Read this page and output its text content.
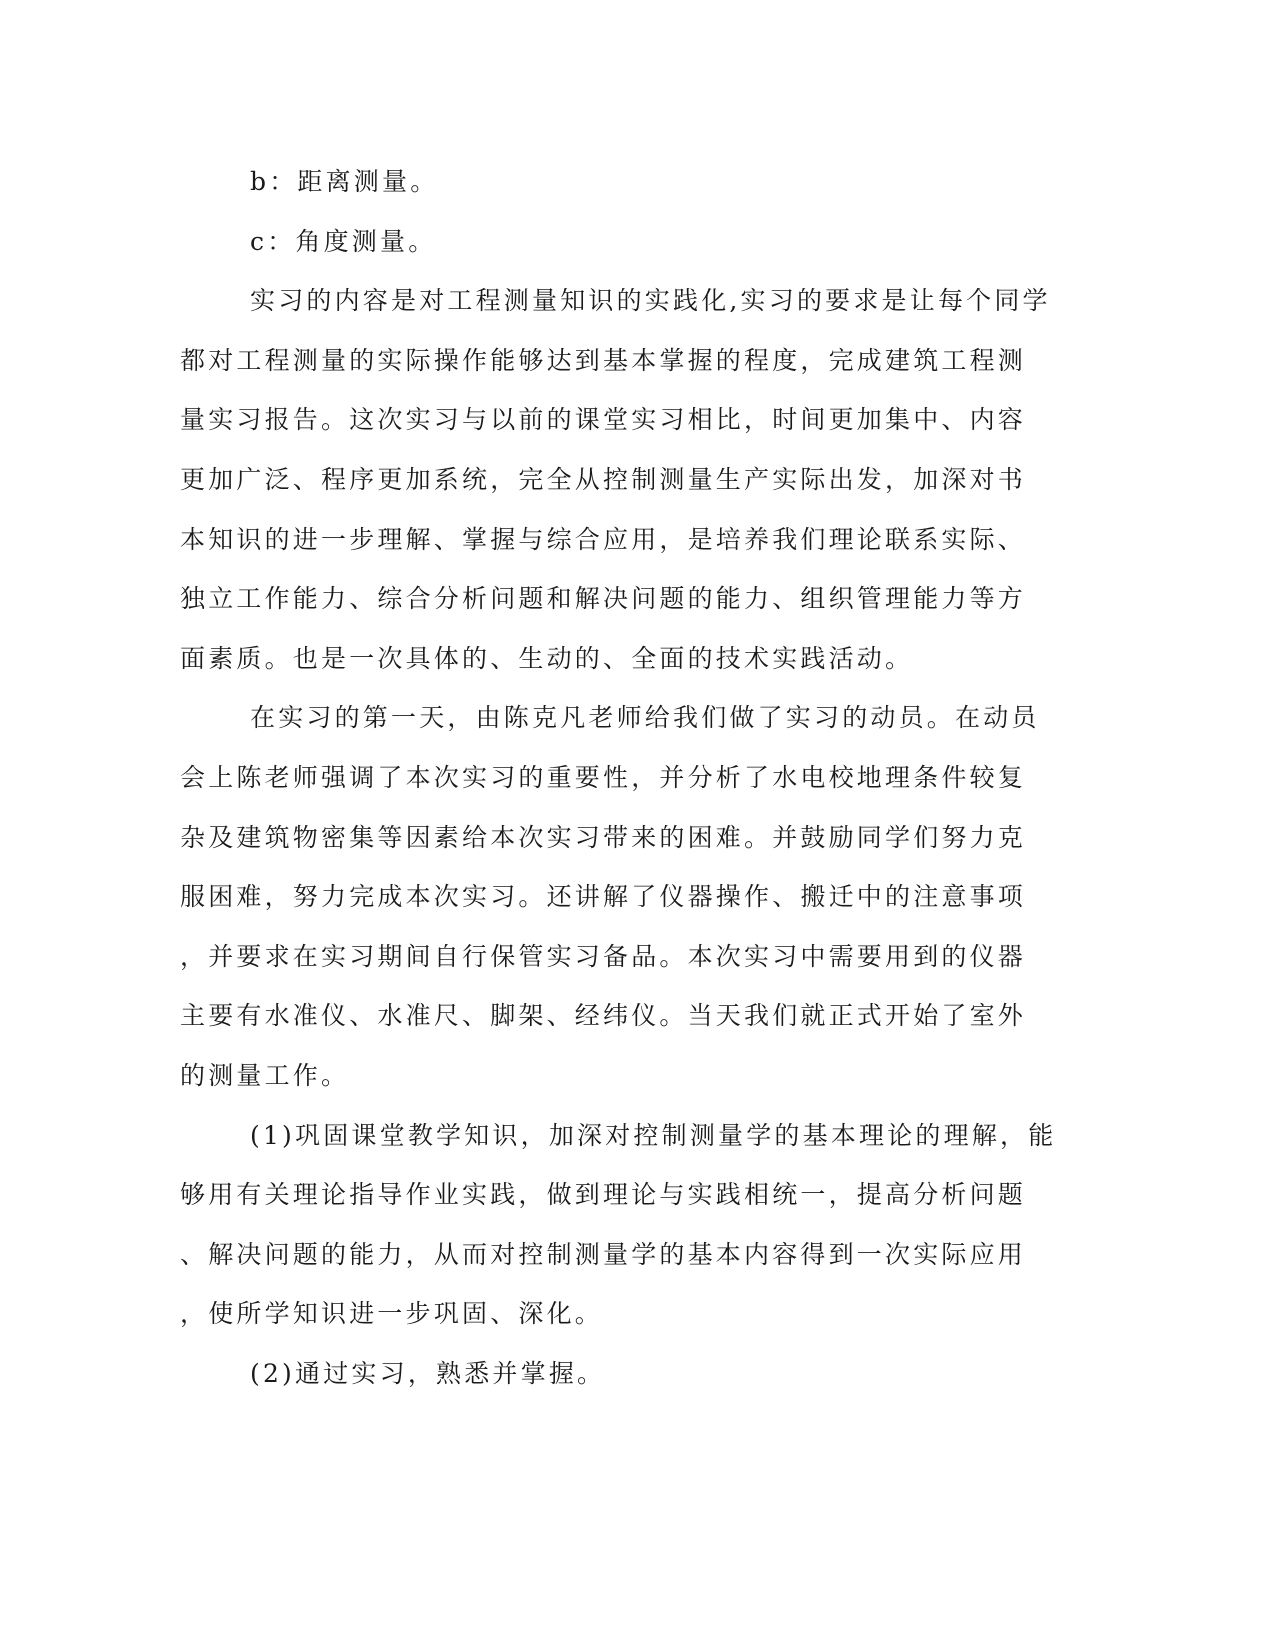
b：距离测量。
c：角度测量。
实习的内容是对工程测量知识的实践化,实习的要求是让每个同学
都对工程测量的实际操作能够达到基本掌握的程度，完成建筑工程测
量实习报告。这次实习与以前的课堂实习相比，时间更加集中、内容
更加广泛、程序更加系统，完全从控制测量生产实际出发，加深对书
本知识的进一步理解、掌握与综合应用，是培养我们理论联系实际、
独立工作能力、综合分析问题和解决问题的能力、组织管理能力等方
面素质。也是一次具体的、生动的、全面的技术实践活动。
在实习的第一天，由陈克凡老师给我们做了实习的动员。在动员
会上陈老师强调了本次实习的重要性，并分析了水电校地理条件较复
杂及建筑物密集等因素给本次实习带来的困难。并鼓励同学们努力克
服困难，努力完成本次实习。还讲解了仪器操作、搬迁中的注意事项
，并要求在实习期间自行保管实习备品。本次实习中需要用到的仪器
主要有水准仪、水准尺、脚架、经纬仪。当天我们就正式开始了室外
的测量工作。
(1)巩固课堂教学知识，加深对控制测量学的基本理论的理解，能
够用有关理论指导作业实践，做到理论与实践相统一，提高分析问题
、解决问题的能力，从而对控制测量学的基本内容得到一次实际应用
，使所学知识进一步巩固、深化。
(2)通过实习，熟悉并掌握。
